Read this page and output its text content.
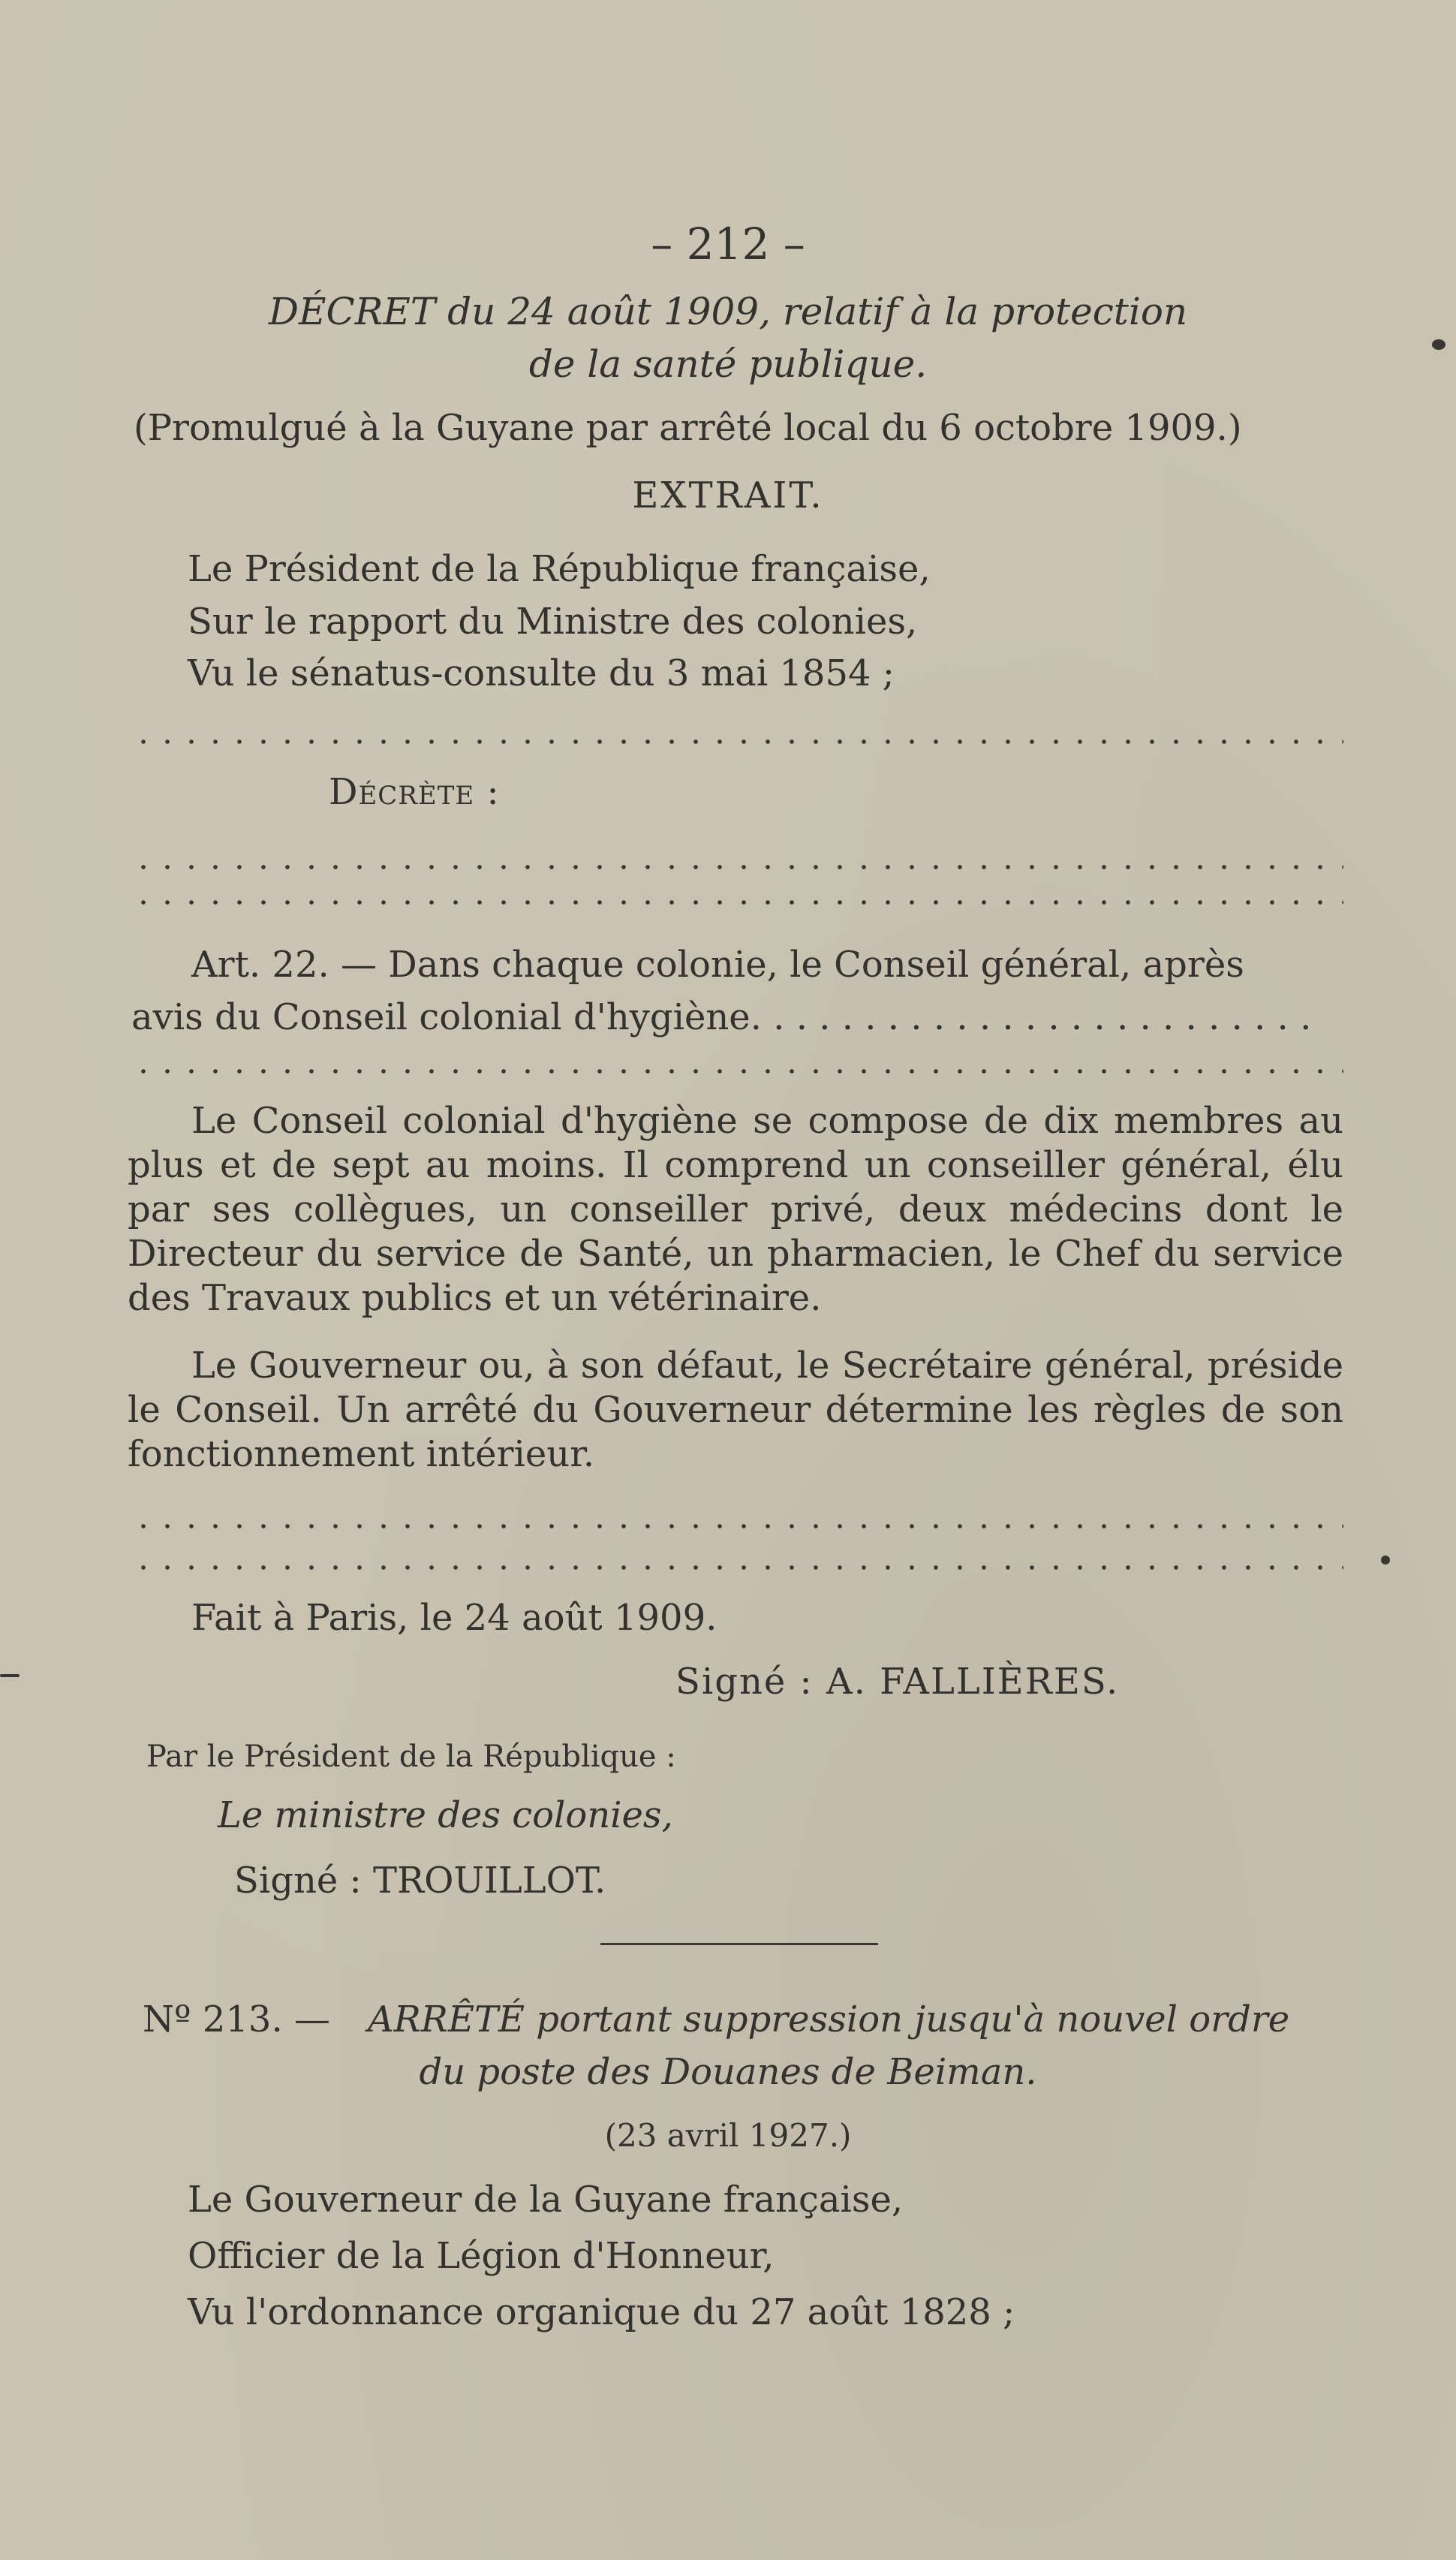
– 212 –
DÉCRET du 24 août 1909, relatif à la protection
de la santé publique.
(Promulgué à la Guyane par arrêté local du 6 octobre 1909.)
EXTRAIT.
Le Président de la République française,
Sur le rapport du Ministre des colonies,
Vu le sénatus-consulte du 3 mai 1854 ;
Décrète :
Art. 22. — Dans chaque colonie, le Conseil général, après
avis du Conseil colonial d'hygiène. . . . . . . . . . . . . . . . . . . . . . . . .
Le Conseil colonial d'hygiène se compose de dix membres au plus et de sept au moins. Il comprend un conseiller général, élu par ses collègues, un conseiller privé, deux médecins dont le Directeur du service de Santé, un pharmacien, le Chef du service des Travaux publics et un vétérinaire.
Le Gouverneur ou, à son défaut, le Secrétaire général, préside le Conseil. Un arrêté du Gouverneur détermine les règles de son fonctionnement intérieur.
Fait à Paris, le 24 août 1909.
Signé : A. FALLIÈRES.
Par le Président de la République :
Le ministre des colonies,
Signé : TROUILLOT.
Nº 213. — ARRÊTÉ portant suppression jusqu'à nouvel ordre
du poste des Douanes de Beiman.
(23 avril 1927.)
Le Gouverneur de la Guyane française,
Officier de la Légion d'Honneur,
Vu l'ordonnance organique du 27 août 1828 ;
